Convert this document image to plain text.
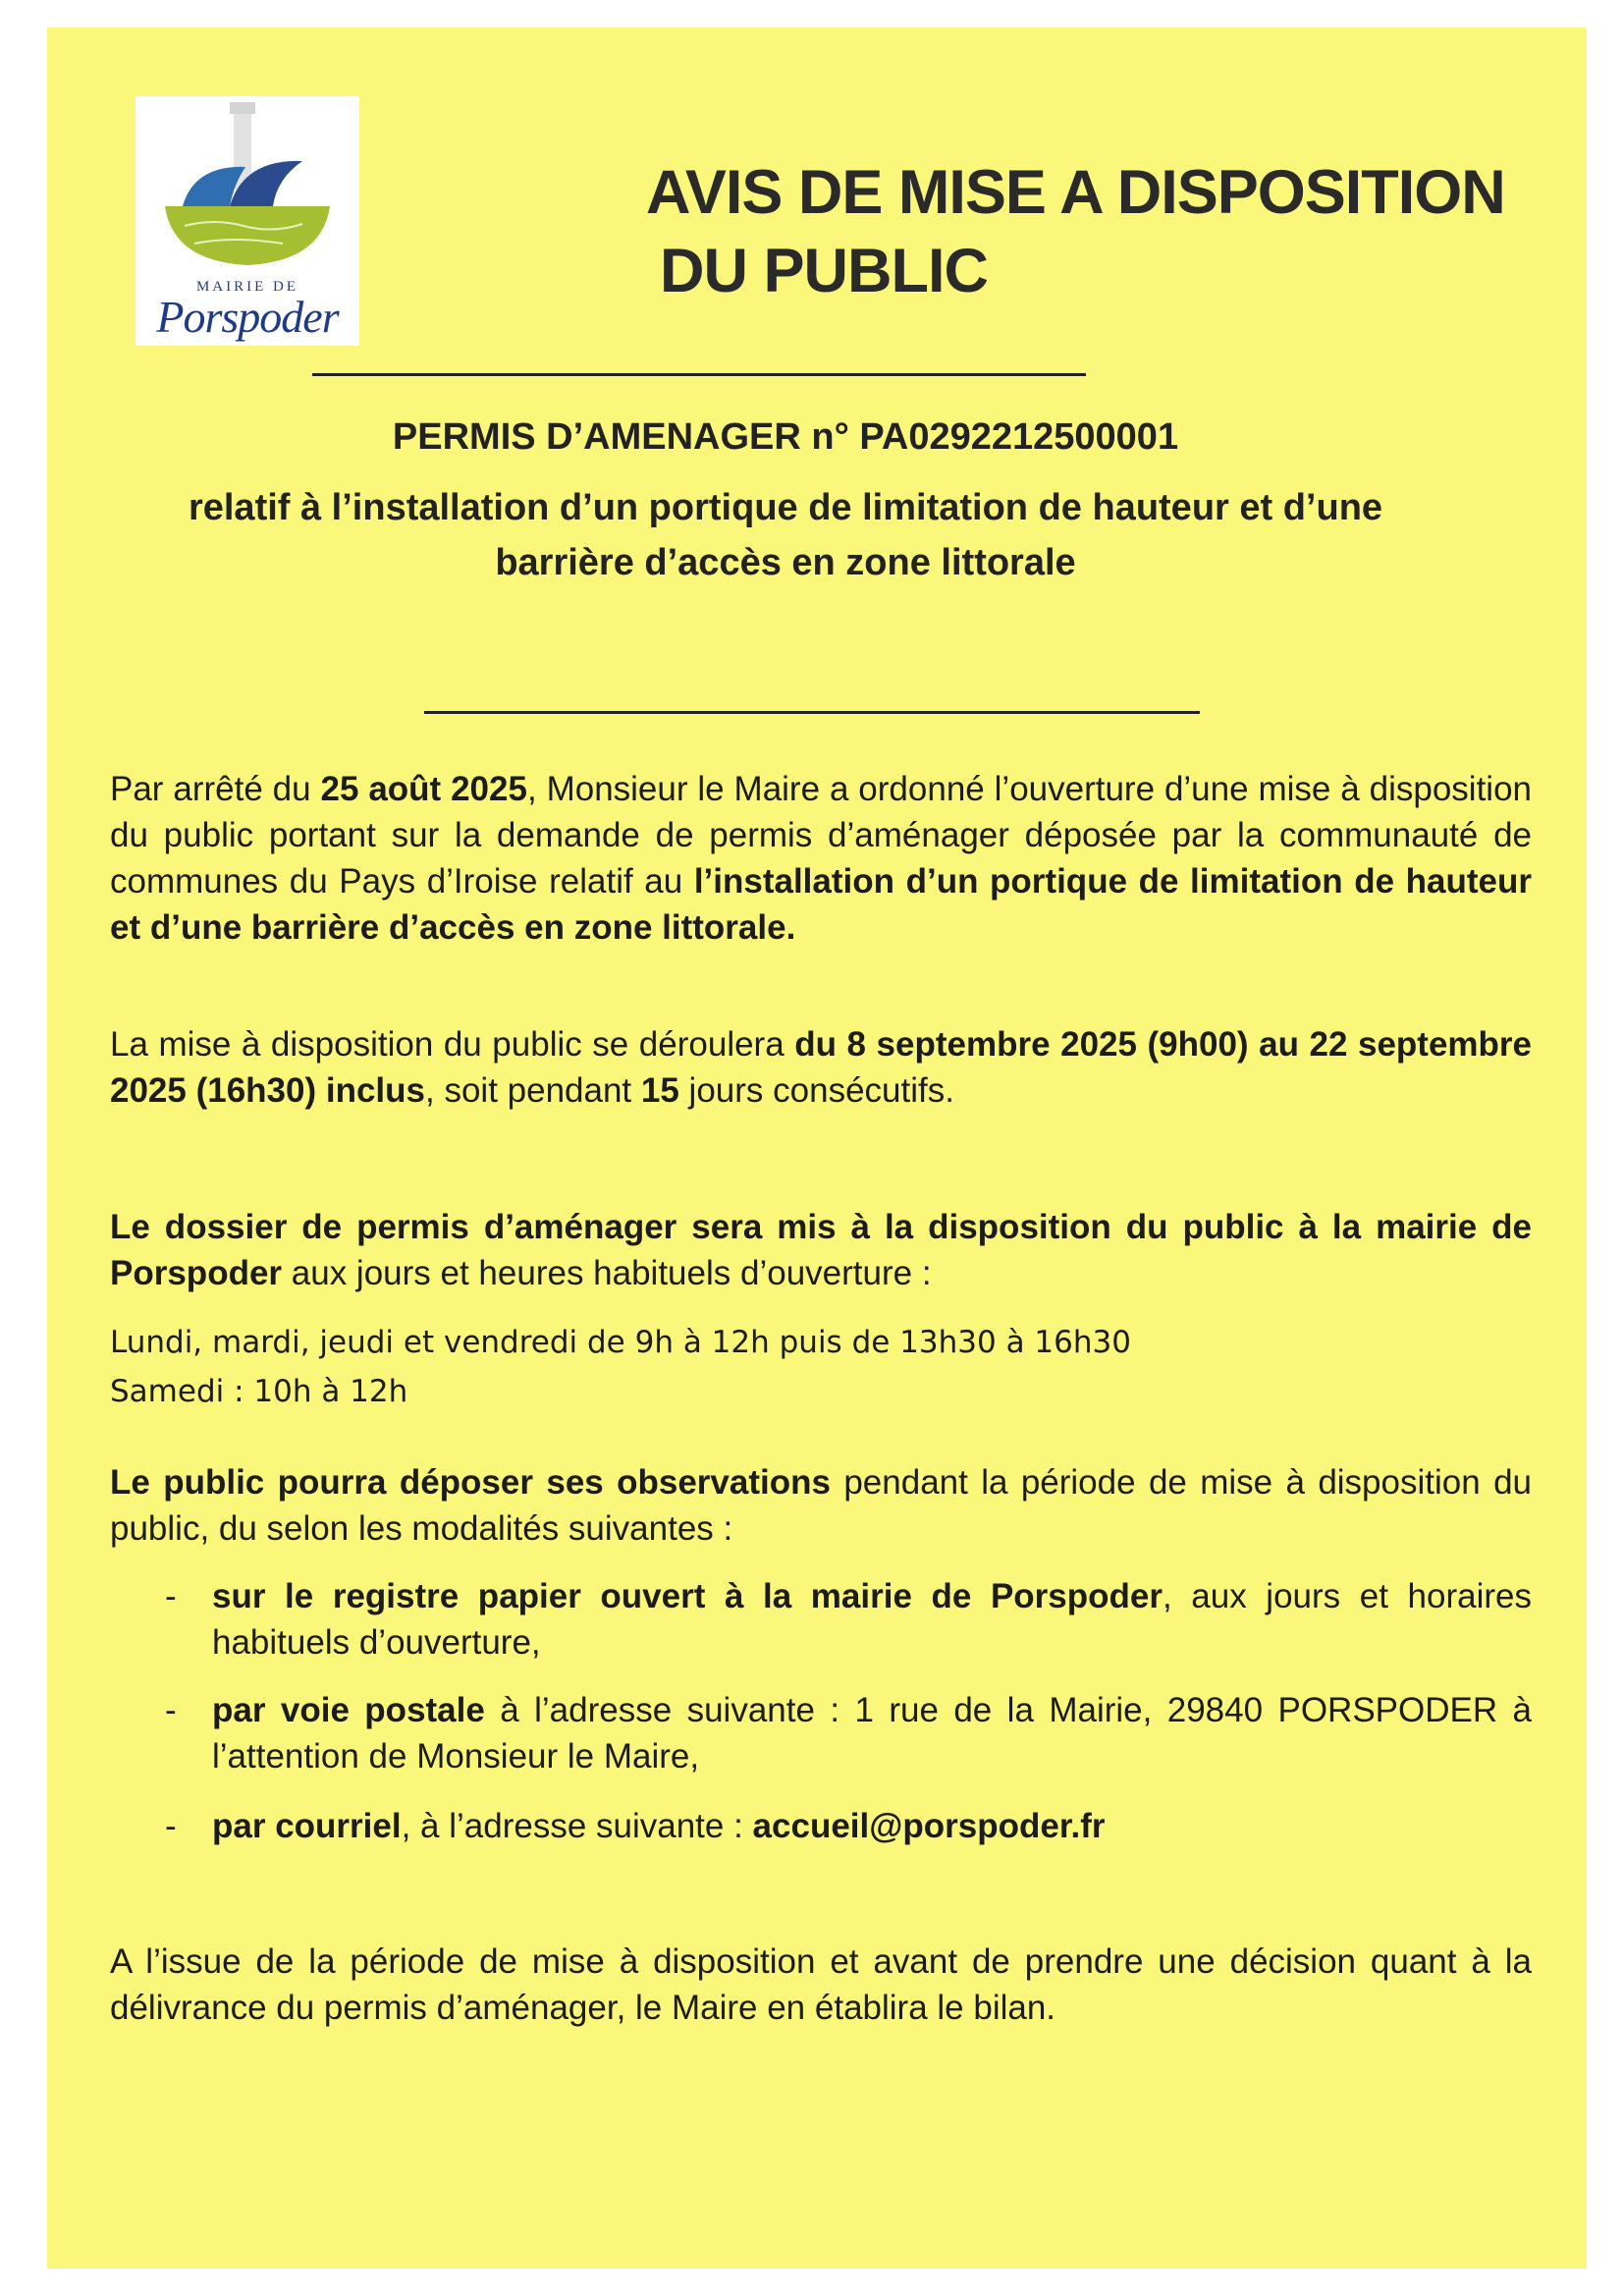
MAIRIE DE
Porspoder
AVIS DE MISE A DISPOSITION
DU PUBLIC
PERMIS D’AMENAGER n° PA0292212500001
relatif à l’installation d’un portique de limitation de hauteur et d’une
barrière d’accès en zone littorale
Par arrêté du 25 août 2025, Monsieur le Maire a ordonné l’ouverture d’une mise à disposition du public portant sur la demande de permis d’aménager déposée par la communauté de communes du Pays d’Iroise relatif au l’installation d’un portique de limitation de hauteur et d’une barrière d’accès en zone littorale.
La mise à disposition du public se déroulera du 8 septembre 2025 (9h00) au 22 septembre 2025 (16h30) inclus, soit pendant 15 jours consécutifs.
Le dossier de permis d’aménager sera mis à la disposition du public à la mairie de Porspoder aux jours et heures habituels d’ouverture :
Lundi, mardi, jeudi et vendredi de 9h à 12h puis de 13h30 à 16h30
Samedi : 10h à 12h
Le public pourra déposer ses observations pendant la période de mise à disposition du public, du selon les modalités suivantes :
-	sur le registre papier ouvert à la mairie de Porspoder, aux jours et horaires habituels d’ouverture,
-	par voie postale à l’adresse suivante : 1 rue de la Mairie, 29840 PORSPODER à l’attention de Monsieur le Maire,
-	par courriel, à l’adresse suivante : accueil@porspoder.fr
A l’issue de la période de mise à disposition et avant de prendre une décision quant à la délivrance du permis d’aménager, le Maire en établira le bilan.
